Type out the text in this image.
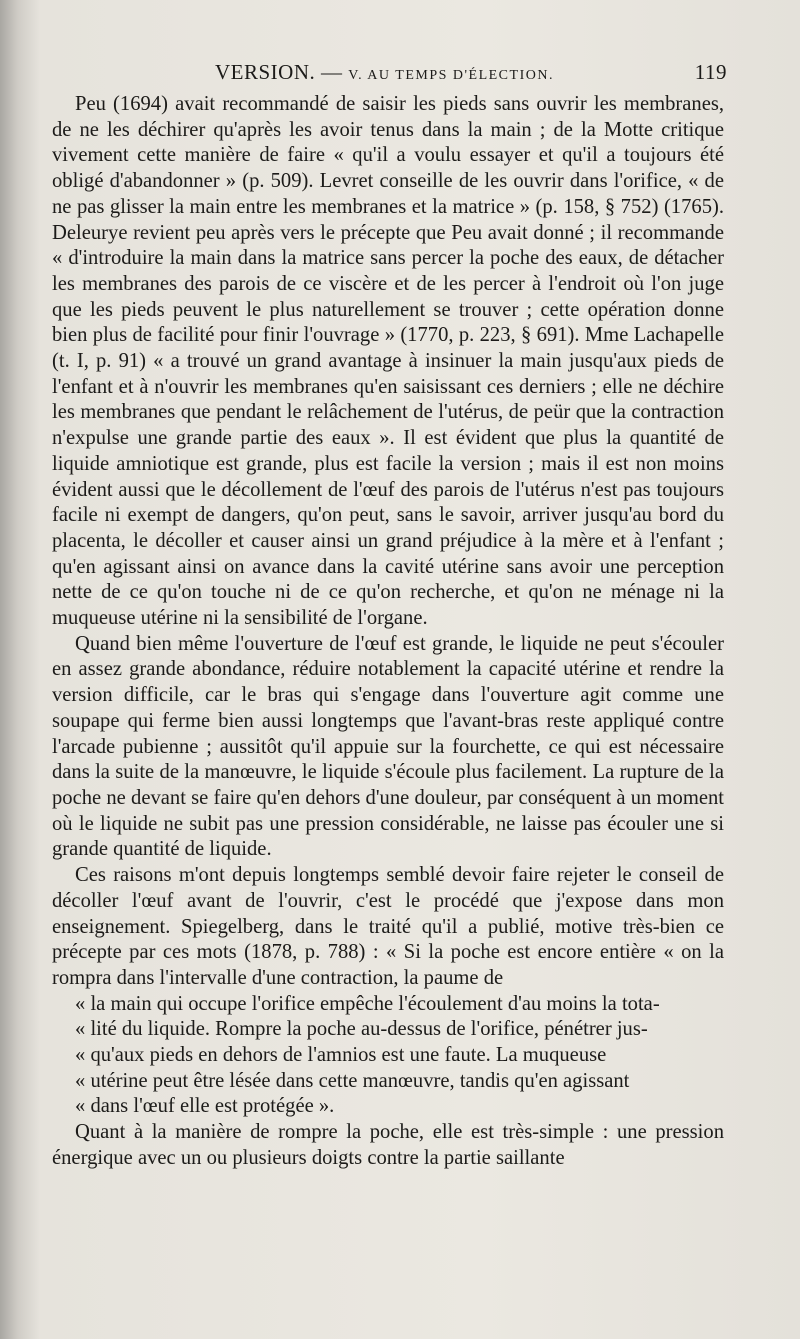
VERSION. — V. AU TEMPS D'ÉLECTION.	119

Peu (1694) avait recommandé de saisir les pieds sans ouvrir les membranes, de ne les déchirer qu'après les avoir tenus dans la main ; de la Motte critique vivement cette manière de faire « qu'il a voulu essayer et qu'il a toujours été obligé d'abandonner » (p. 509). Levret conseille de les ouvrir dans l'orifice, « de ne pas glisser la main entre les membranes et la matrice » (p. 158, § 752) (1765). Deleurye revient peu après vers le précepte que Peu avait donné ; il recommande « d'introduire la main dans la matrice sans percer la poche des eaux, de détacher les membranes des parois de ce viscère et de les percer à l'endroit où l'on juge que les pieds peuvent le plus naturellement se trouver ; cette opération donne bien plus de facilité pour finir l'ouvrage » (1770, p. 223, § 691). Mme Lachapelle (t. I, p. 91) « a trouvé un grand avantage à insinuer la main jusqu'aux pieds de l'enfant et à n'ouvrir les membranes qu'en saisissant ces derniers ; elle ne déchire les membranes que pendant le relâchement de l'utérus, de peür que la contraction n'expulse une grande partie des eaux ». Il est évident que plus la quantité de liquide amniotique est grande, plus est facile la version ; mais il est non moins évident aussi que le décollement de l'œuf des parois de l'utérus n'est pas toujours facile ni exempt de dangers, qu'on peut, sans le savoir, arriver jusqu'au bord du placenta, le décoller et causer ainsi un grand préjudice à la mère et à l'enfant ; qu'en agissant ainsi on avance dans la cavité utérine sans avoir une perception nette de ce qu'on touche ni de ce qu'on recherche, et qu'on ne ménage ni la muqueuse utérine ni la sensibilité de l'organe.

Quand bien même l'ouverture de l'œuf est grande, le liquide ne peut s'écouler en assez grande abondance, réduire notablement la capacité utérine et rendre la version difficile, car le bras qui s'engage dans l'ouverture agit comme une soupape qui ferme bien aussi longtemps que l'avant-bras reste appliqué contre l'arcade pubienne ; aussitôt qu'il appuie sur la fourchette, ce qui est nécessaire dans la suite de la manœuvre, le liquide s'écoule plus facilement. La rupture de la poche ne devant se faire qu'en dehors d'une douleur, par conséquent à un moment où le liquide ne subit pas une pression considérable, ne laisse pas écouler une si grande quantité de liquide.

Ces raisons m'ont depuis longtemps semblé devoir faire rejeter le conseil de décoller l'œuf avant de l'ouvrir, c'est le procédé que j'expose dans mon enseignement. Spiegelberg, dans le traité qu'il a publié, motive très-bien ce précepte par ces mots (1878, p. 788) : « Si la poche est encore entière « on la rompra dans l'intervalle d'une contraction, la paume de
« la main qui occupe l'orifice empêche l'écoulement d'au moins la tota-
« lité du liquide. Rompre la poche au-dessus de l'orifice, pénétrer jus-
« qu'aux pieds en dehors de l'amnios est une faute. La muqueuse
« utérine peut être lésée dans cette manœuvre, tandis qu'en agissant
« dans l'œuf elle est protégée ».

Quant à la manière de rompre la poche, elle est très-simple : une pression énergique avec un ou plusieurs doigts contre la partie saillante
